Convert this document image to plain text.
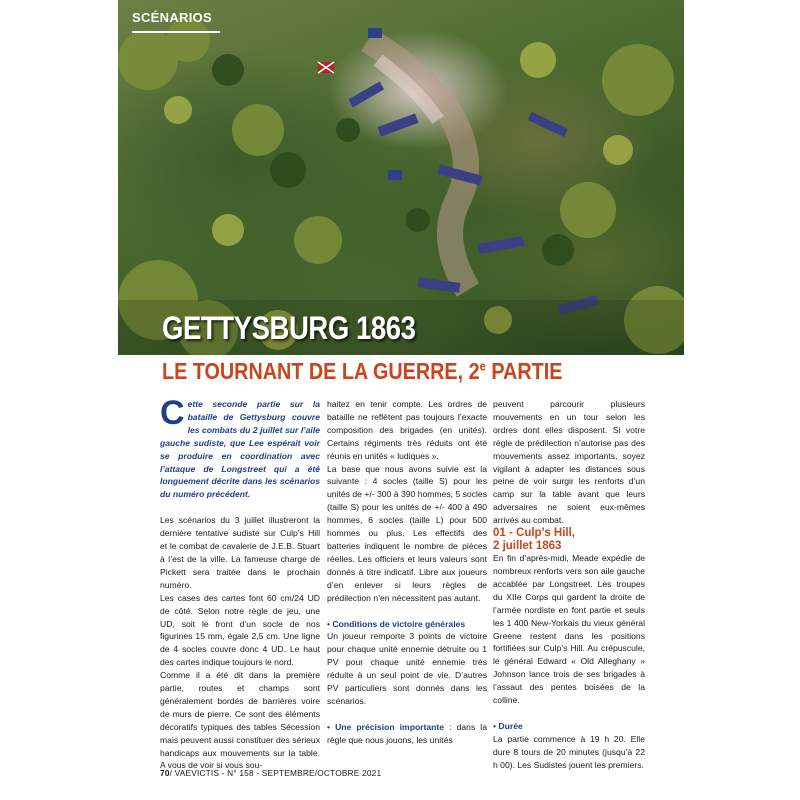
SCÉNARIOS
GETTYSBURG 1863
LE TOURNANT DE LA GUERRE, 2e PARTIE

Cette seconde partie sur la bataille de Gettysburg couvre les combats du 2 juillet sur l’aile gauche sudiste, que Lee espérait voir se produire en coordination avec l’attaque de Longstreet qui a été longuement décrite dans les scénarios du numéro précédent.

Les scénarios du 3 juillet illustreront la dernière tentative sudiste sur Culp’s Hill et le combat de cavalerie de J.E.B. Stuart à l’est de la ville. La fameuse charge de Pickett sera traitée dans le prochain numéro.

Les cases des cartes font 60 cm/24 UD de côté. Selon notre règle de jeu, une UD, soit le front d’un socle de nos figurines 15 mm, égale 2,5 cm. Une ligne de 4 socles couvre donc 4 UD. Le haut des cartes indique toujours le nord.

Comme il a été dit dans la première partie, routes et champs sont généralement bordés de barrières voire de murs de pierre. Ce sont des éléments décoratifs typiques des tables Sécession mais peuvent aussi constituer des sérieux handicaps aux mouvements sur la table. A vous de voir si vous sou-

haitez en tenir compte. Les ordres de bataille ne reflètent pas toujours l’exacte composition des brigades (en unités). Certains régiments très réduits ont été réunis en unités « ludiques ».

La base que nous avons suivie est la suivante : 4 socles (taille S) pour les unités de +/- 300 à 390 hommes, 5 socles (taille S) pour les unités de +/- 400 à 490 hommes, 6 socles (taille L) pour 500 hommes ou plus. Les effectifs des batteries indiquent le nombre de pièces réelles. Les officiers et leurs valeurs sont donnés à titre indicatif. Libre aux joueurs d’en enlever si leurs règles de prédilection n’en nécessitent pas autant.

• Conditions de victoire générales

Un joueur remporte 3 points de victoire pour chaque unité ennemie détruite ou 1 PV pour chaque unité ennemie très réduite à un seul point de vie. D’autres PV particuliers sont donnés dans les scénarios.

• Une précision importante : dans la règle que nous jouons, les unités

peuvent parcourir plusieurs mouvements en un tour selon les ordres dont elles disposent. Si votre règle de prédilection n’autorise pas des mouvements assez importants, soyez vigilant à adapter les distances sous peine de voir surgir les renforts d’un camp sur la table avant que leurs adversaires ne soient eux-mêmes arrivés au combat.

01 - Culp’s Hill,
2 juillet 1863

En fin d’après-midi, Meade expédie de nombreux renforts vers son aile gauche accablée par Longstreet. Les troupes du XIIe Corps qui gardent la droite de l’armée nordiste en font partie et seuls les 1 400 New-Yorkais du vieux général Greene restent dans les positions fortifiées sur Culp’s Hill. Au crépuscule, le général Edward « Old Alleghany » Johnson lance trois de ses brigades à l’assaut des pentes boisées de la colline.

• Durée

La partie commence à 19 h 20. Elle dure 8 tours de 20 minutes (jusqu’à 22 h 00). Les Sudistes jouent les premiers.

70/ VAEVICTIS - N° 158 - SEPTEMBRE/OCTOBRE 2021
